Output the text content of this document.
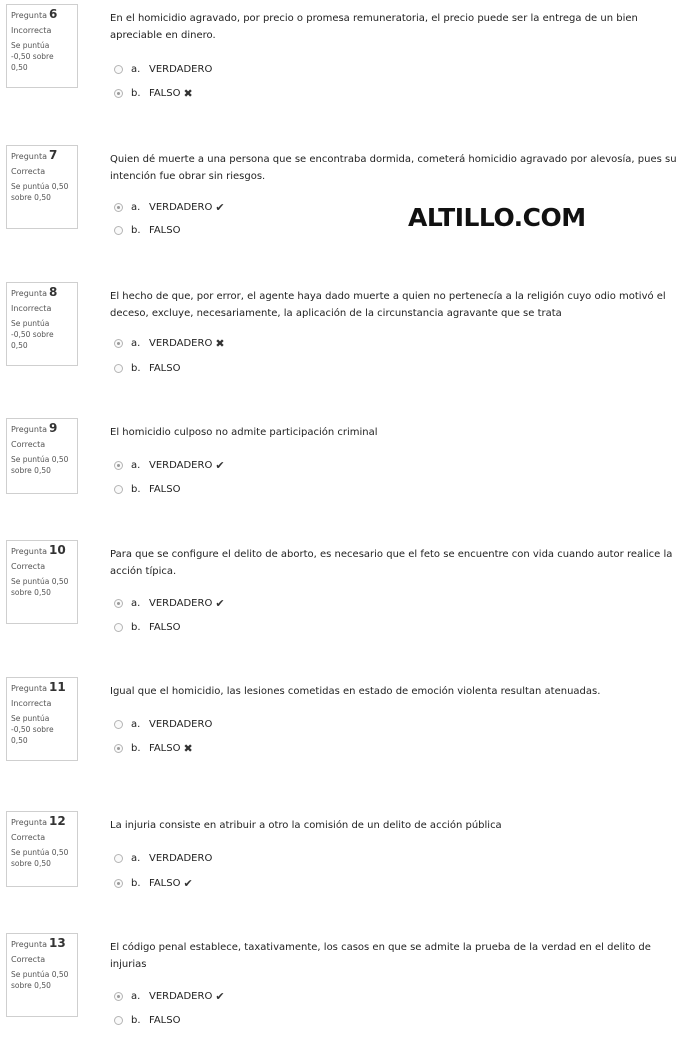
Pregunta 6
Incorrecta
Se puntúa
-0,50 sobre
0,50
En el homicidio agravado, por precio o promesa remuneratoria, el precio puede ser la entrega de un bien apreciable en dinero.
a. VERDADERO
b. FALSO ✖
Pregunta 7
Correcta
Se puntúa 0,50
sobre 0,50
Quien dé muerte a una persona que se encontraba dormida, cometerá homicidio agravado por alevosía, pues su intención fue obrar sin riesgos.
a. VERDADERO ✔
b. FALSO	ALTILLO.COM
Pregunta 8
Incorrecta
Se puntúa
-0,50 sobre
0,50
El hecho de que, por error, el agente haya dado muerte a quien no pertenecía a la religión cuyo odio motivó el deceso, excluye, necesariamente, la aplicación de la circunstancia agravante que se trata
a. VERDADERO ✖
b. FALSO
Pregunta 9
Correcta
Se puntúa 0,50
sobre 0,50
El homicidio culposo no admite participación criminal
a. VERDADERO ✔
b. FALSO
Pregunta 10
Correcta
Se puntúa 0,50
sobre 0,50
Para que se configure el delito de aborto, es necesario que el feto se encuentre con vida cuando autor realice la acción típica.
a. VERDADERO ✔
b. FALSO
Pregunta 11
Incorrecta
Se puntúa
-0,50 sobre
0,50
Igual que el homicidio, las lesiones cometidas en estado de emoción violenta resultan atenuadas.
a. VERDADERO
b. FALSO ✖
Pregunta 12
Correcta
Se puntúa 0,50
sobre 0,50
La injuria consiste en atribuir a otro la comisión de un delito de acción pública
a. VERDADERO
b. FALSO ✔
Pregunta 13
Correcta
Se puntúa 0,50
sobre 0,50
El código penal establece, taxativamente, los casos en que se admite la prueba de la verdad en el delito de injurias
a. VERDADERO ✔
b. FALSO
